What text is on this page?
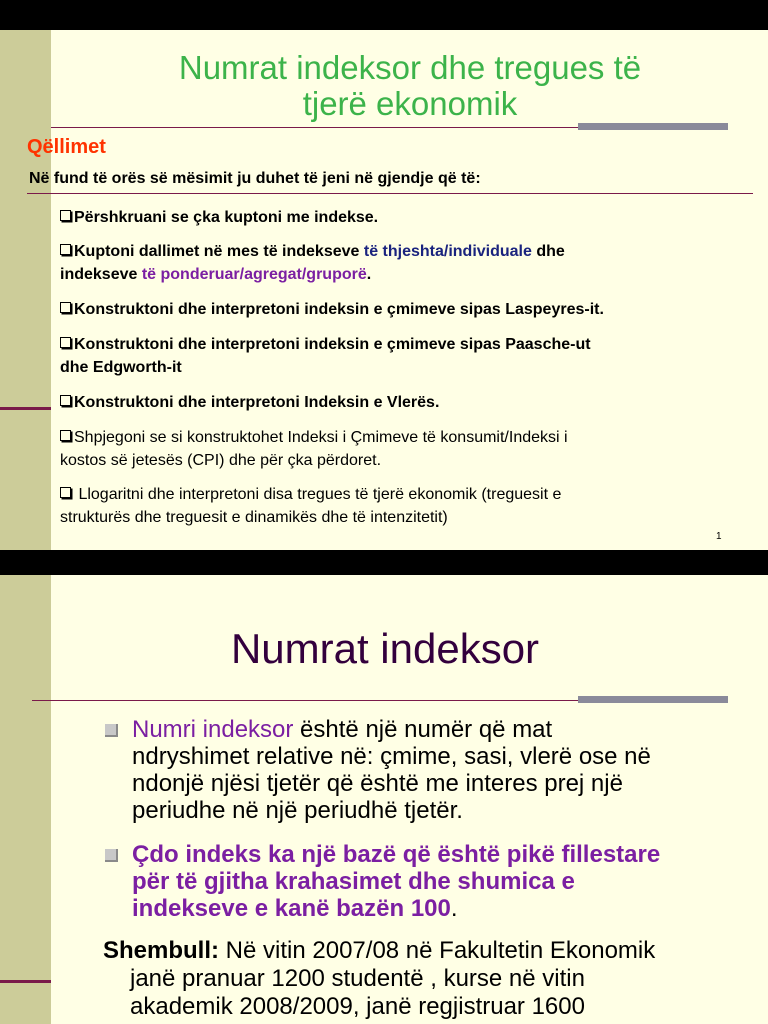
Numrat indeksor dhe tregues të
tjerë ekonomik
Qëllimet
Në fund të orës së mësimit ju duhet të jeni në gjendje që të:
Përshkruani se çka kuptoni me indekse.
Kuptoni dallimet në mes të indekseve të thjeshta/individuale dhe
indekseve të ponderuar/agregat/gruporë.
Konstruktoni dhe interpretoni indeksin e çmimeve sipas Laspeyres-it.
Konstruktoni dhe interpretoni indeksin e çmimeve sipas Paasche-ut
dhe Edgworth-it
Konstruktoni dhe interpretoni Indeksin e Vlerës.
Shpjegoni se si konstruktohet Indeksi i Çmimeve të konsumit/Indeksi i
kostos së jetesës (CPI) dhe për çka përdoret.
Llogaritni dhe interpretoni disa tregues të tjerë ekonomik (treguesit e
strukturës dhe treguesit e dinamikës dhe të intenzitetit)
1
Numrat indeksor
Numri indeksor është një numër që mat
ndryshimet relative në: çmime, sasi, vlerë ose në
ndonjë njësi tjetër që është me interes prej një
periudhe në një periudhë tjetër.
Çdo indeks ka një bazë që është pikë fillestare
për të gjitha krahasimet dhe shumica e
indekseve e kanë bazën 100.
Shembull: Në vitin 2007/08 në Fakultetin Ekonomik

janë pranuar 1200 studentë , kurse në vitin
akademik 2008/2009, janë regjistruar 1600
